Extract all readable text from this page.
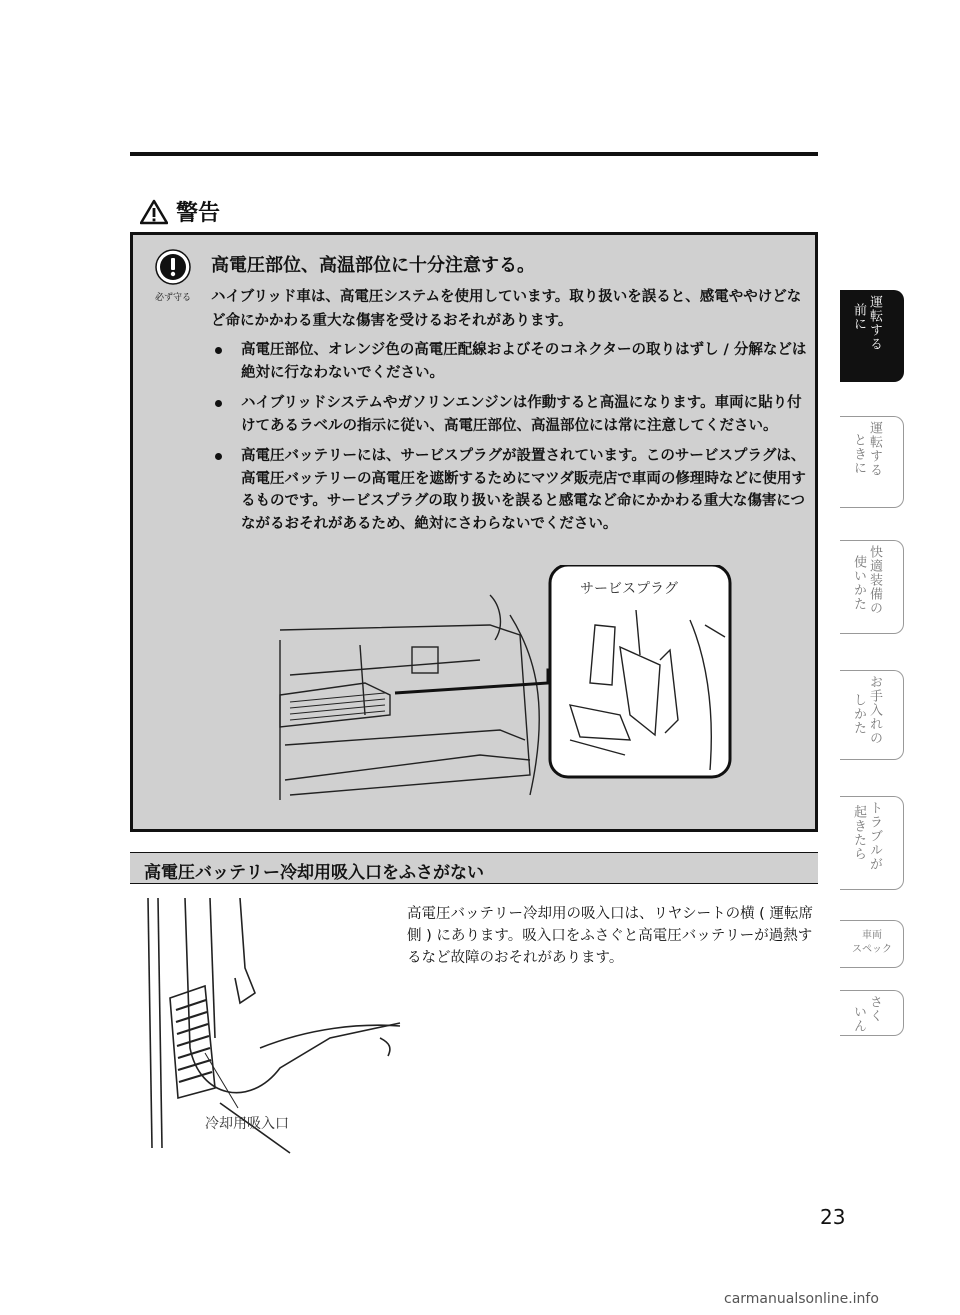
警告
必ず守る
高電圧部位、高温部位に十分注意する。
ハイブリッド車は、高電圧システムを使用しています。取り扱いを誤ると、感電ややけどなど命にかかわる重大な傷害を受けるおそれがあります。
高電圧部位、オレンジ色の高電圧配線およびそのコネクターの取りはずし / 分解などは絶対に行なわないでください。
ハイブリッドシステムやガソリンエンジンは作動すると高温になります。車両に貼り付けてあるラベルの指示に従い、高電圧部位、高温部位には常に注意してください。
高電圧バッテリーには、サービスプラグが設置されています。このサービスプラグは、高電圧バッテリーの高電圧を遮断するためにマツダ販売店で車両の修理時などに使用するものです。サービスプラグの取り扱いを誤ると感電など命にかかわる重大な傷害につながるおそれがあるため、絶対にさわらないでください。
サービスプラグ
高電圧バッテリー冷却用吸入口をふさがない
高電圧バッテリー冷却用の吸入口は、リヤシートの横 ( 運転席側 ) にあります。吸入口をふさぐと高電圧バッテリーが過熱するなど故障のおそれがあります。
冷却用吸入口
前に 運転する
ときに 運転する
使いかた 快適装備の
しかた お手入れの
起きたら トラブルが
車両
スペック
いん さく
23
carmanualsonline.info
